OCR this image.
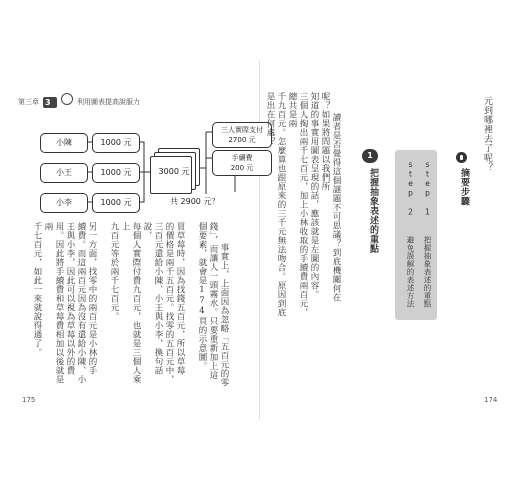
第三章 3	利用圖表提高說服力
小陳	1000 元
小王	1000 元
小李	1000 元
3000 元
三人實際支付
2700 元
手續費
200 元
共 2900 元？

事實上，上面因為忽略「五百元的零
錢」，而讓人一頭霧水。只要重新加上這
個要素，就會是174頁的示意圖。

買草莓時，因為找錢五百元，所以草莓
的價格是兩千五百元。找零的五百元中，
三百元還給小陳、小王與小李，換句話說，
每個人實際付費九百元，也就是三個人乘上
九百元等於兩千七百元。

另一方面，找零中的兩百元是小林的手
續費。而這兩百元因為沒有還給小陳、小
王與小李，因此可以視為草莓以外的費
用。因此將手續費和草莓費相加以後就是兩
千七百元，如此一來就說得通了。

175
元到哪裡去了呢？
摘要步驟
step 1  把握抽象表述的重點
step 2  避免誤解的表述方法
1
把握抽象表述的重點

讀者是否覺得這個謎題不可思議？到底機關何在呢？如果將問題以我們所
知道的事實用圖表呈現的話，應該就是左圖的內容。
三個人掏出兩千七百元，加上小林收取的手續費兩百元，總共是兩
千九百元。怎麼算也跟原來的三千元無法吻合。原因到底是出在何處？

174
